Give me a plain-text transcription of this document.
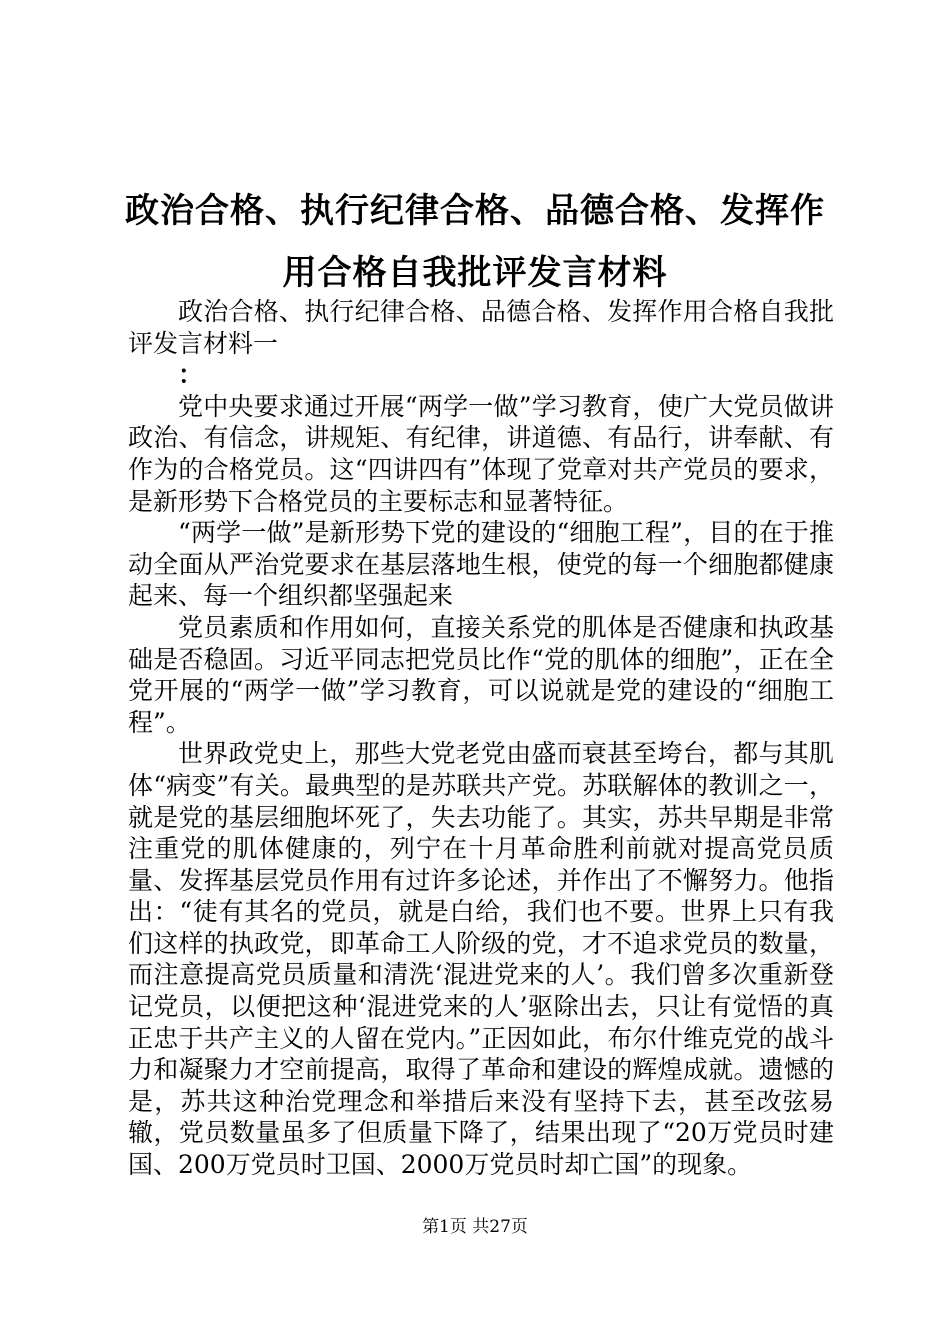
政治合格、执行纪律合格、品德合格、发挥作用合格自我批评发言材料

政治合格、执行纪律合格、品德合格、发挥作用合格自我批评发言材料一

：

党中央要求通过开展“两学一做”学习教育，使广大党员做讲政治、有信念，讲规矩、有纪律，讲道德、有品行，讲奉献、有作为的合格党员。这“四讲四有”体现了党章对共产党员的要求，是新形势下合格党员的主要标志和显著特征。

“两学一做”是新形势下党的建设的“细胞工程”，目的在于推动全面从严治党要求在基层落地生根，使党的每一个细胞都健康起来、每一个组织都坚强起来

党员素质和作用如何，直接关系党的肌体是否健康和执政基础是否稳固。习近平同志把党员比作“党的肌体的细胞”，正在全党开展的“两学一做”学习教育，可以说就是党的建设的“细胞工程”。

世界政党史上，那些大党老党由盛而衰甚至垮台，都与其肌体“病变”有关。最典型的是苏联共产党。苏联解体的教训之一，就是党的基层细胞坏死了，失去功能了。其实，苏共早期是非常注重党的肌体健康的，列宁在十月革命胜利前就对提高党员质量、发挥基层党员作用有过许多论述，并作出了不懈努力。他指出：“徒有其名的党员，就是白给，我们也不要。世界上只有我们这样的执政党，即革命工人阶级的党，才不追求党员的数量，而注意提高党员质量和清洗‘混进党来的人’。我们曾多次重新登记党员，以便把这种‘混进党来的人’驱除出去，只让有觉悟的真正忠于共产主义的人留在党内。”正因如此，布尔什维克党的战斗力和凝聚力才空前提高，取得了革命和建设的辉煌成就。遗憾的是，苏共这种治党理念和举措后来没有坚持下去，甚至改弦易辙，党员数量虽多了但质量下降了，结果出现了“20万党员时建国、200万党员时卫国、2000万党员时却亡国”的现象。

第1页 共27页
